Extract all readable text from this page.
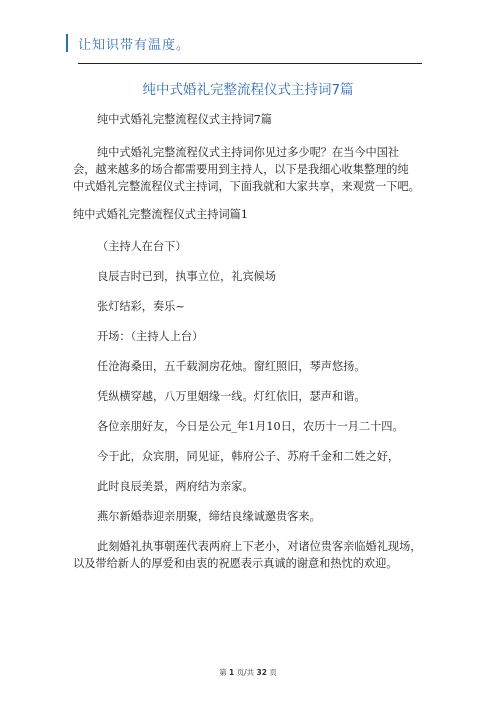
让知识带有温度。
纯中式婚礼完整流程仪式主持词7篇

纯中式婚礼完整流程仪式主持词7篇

纯中式婚礼完整流程仪式主持词你见过多少呢？在当今中国社
会，越来越多的场合都需要用到主持人，以下是我细心收集整理的纯
中式婚礼完整流程仪式主持词，下面我就和大家共享，来观赏一下吧。

纯中式婚礼完整流程仪式主持词篇1

（主持人在台下）

良辰吉时已到，执事立位，礼宾候场

张灯结彩，奏乐~

开场：（主持人上台）

任沧海桑田，五千载洞房花烛。窗红照旧，琴声悠扬。

凭纵横穿越，八万里姻缘一线。灯红依旧，瑟声和谐。

各位亲朋好友，今日是公元_年1月10日，农历十一月二十四。

今于此，众宾朋，同见证，韩府公子、苏府千金和二姓之好，

此时良辰美景，两府结为亲家。

燕尔新婚恭迎亲朋聚，缔结良缘诚邀贵客来。

此刻婚礼执事朝莲代表两府上下老小，对诸位贵客亲临婚礼现场，
以及带给新人的厚爱和由衷的祝愿表示真诚的谢意和热忱的欢迎。

第 1 页/共 32 页
